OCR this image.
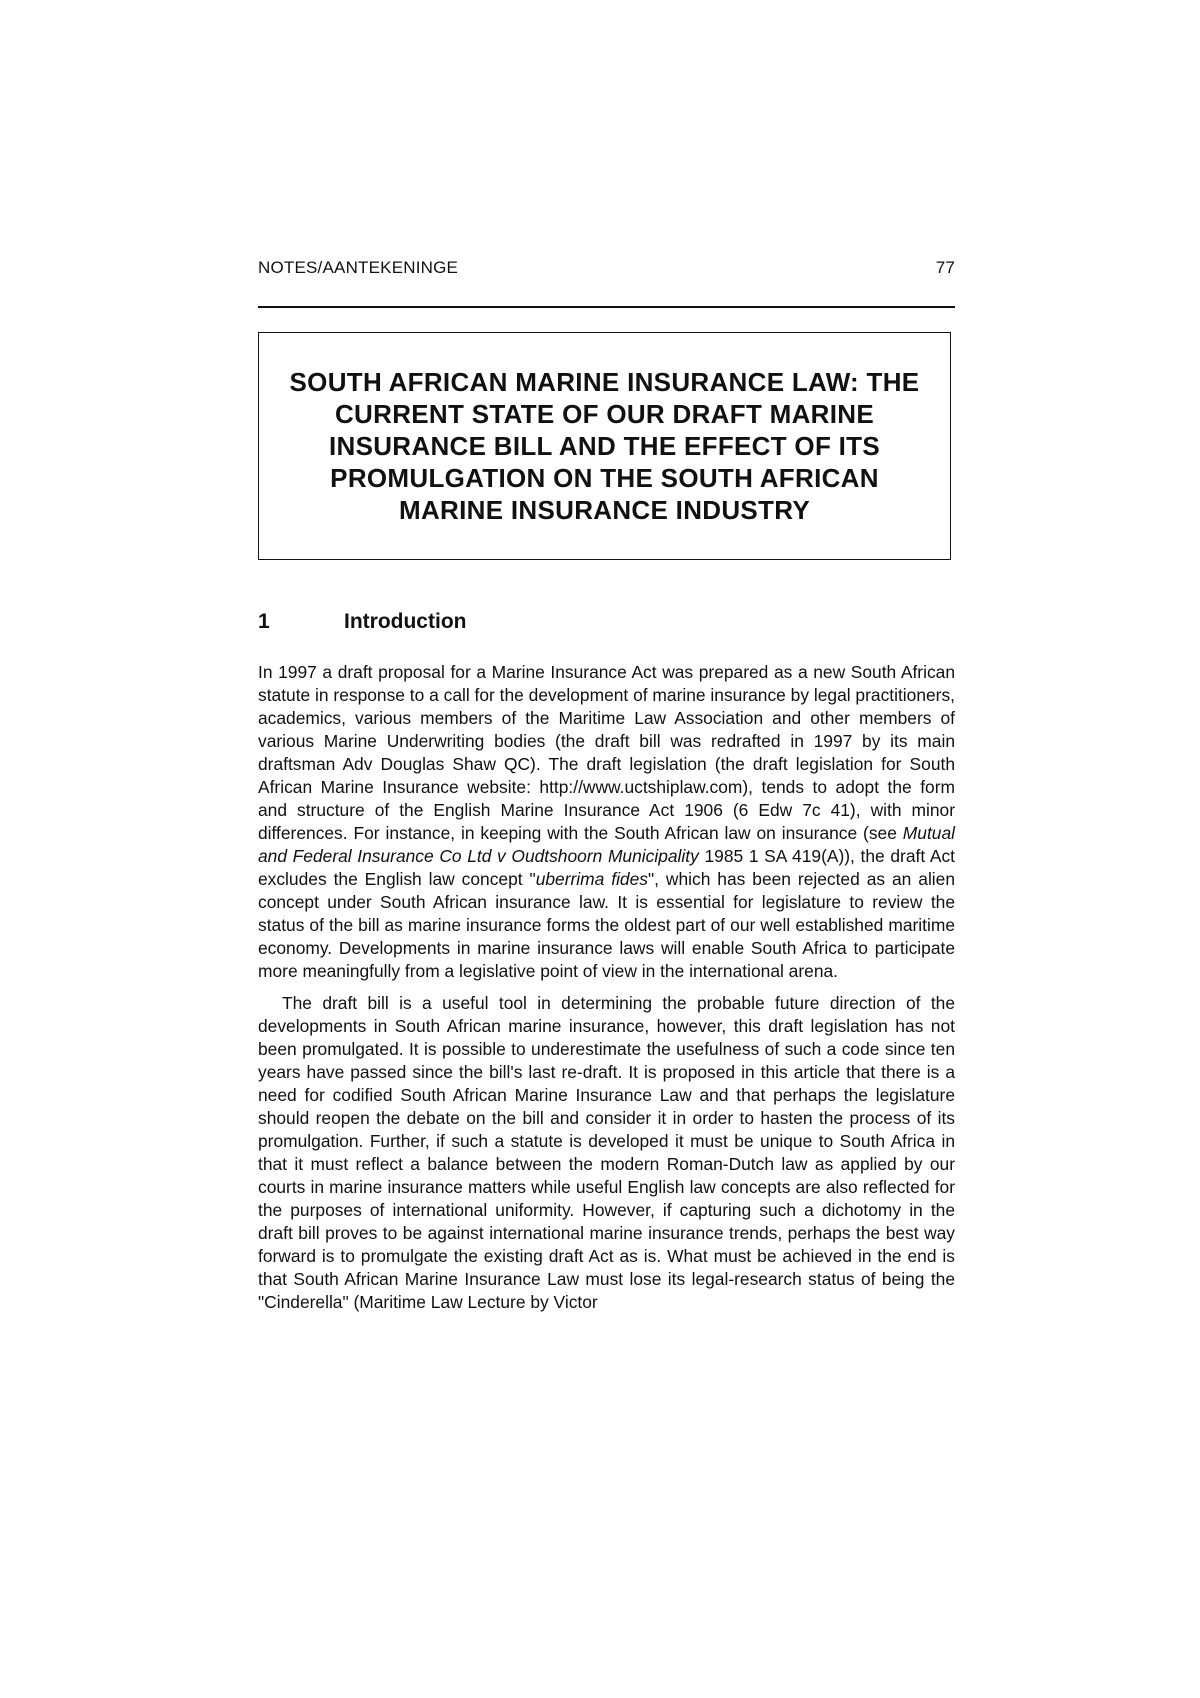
NOTES/AANTEKENINGE	77
SOUTH AFRICAN MARINE INSURANCE LAW: THE CURRENT STATE OF OUR DRAFT MARINE INSURANCE BILL AND THE EFFECT OF ITS PROMULGATION ON THE SOUTH AFRICAN MARINE INSURANCE INDUSTRY
1	Introduction

In 1997 a draft proposal for a Marine Insurance Act was prepared as a new South African statute in response to a call for the development of marine insurance by legal practitioners, academics, various members of the Maritime Law Association and other members of various Marine Underwriting bodies (the draft bill was redrafted in 1997 by its main draftsman Adv Douglas Shaw QC). The draft legislation (the draft legislation for South African Marine Insurance website: http://www.uctshiplaw.com), tends to adopt the form and structure of the English Marine Insurance Act 1906 (6 Edw 7c 41), with minor differences. For instance, in keeping with the South African law on insurance (see Mutual and Federal Insurance Co Ltd v Oudtshoorn Municipality 1985 1 SA 419(A)), the draft Act excludes the English law concept "uberrima fides", which has been rejected as an alien concept under South African insurance law. It is essential for legislature to review the status of the bill as marine insurance forms the oldest part of our well established maritime economy. Developments in marine insurance laws will enable South Africa to participate more meaningfully from a legislative point of view in the international arena.

The draft bill is a useful tool in determining the probable future direction of the developments in South African marine insurance, however, this draft legislation has not been promulgated. It is possible to underestimate the usefulness of such a code since ten years have passed since the bill's last re-draft. It is proposed in this article that there is a need for codified South African Marine Insurance Law and that perhaps the legislature should reopen the debate on the bill and consider it in order to hasten the process of its promulgation. Further, if such a statute is developed it must be unique to South Africa in that it must reflect a balance between the modern Roman-Dutch law as applied by our courts in marine insurance matters while useful English law concepts are also reflected for the purposes of international uniformity. However, if capturing such a dichotomy in the draft bill proves to be against international marine insurance trends, perhaps the best way forward is to promulgate the existing draft Act as is. What must be achieved in the end is that South African Marine Insurance Law must lose its legal-research status of being the "Cinderella" (Maritime Law Lecture by Victor
